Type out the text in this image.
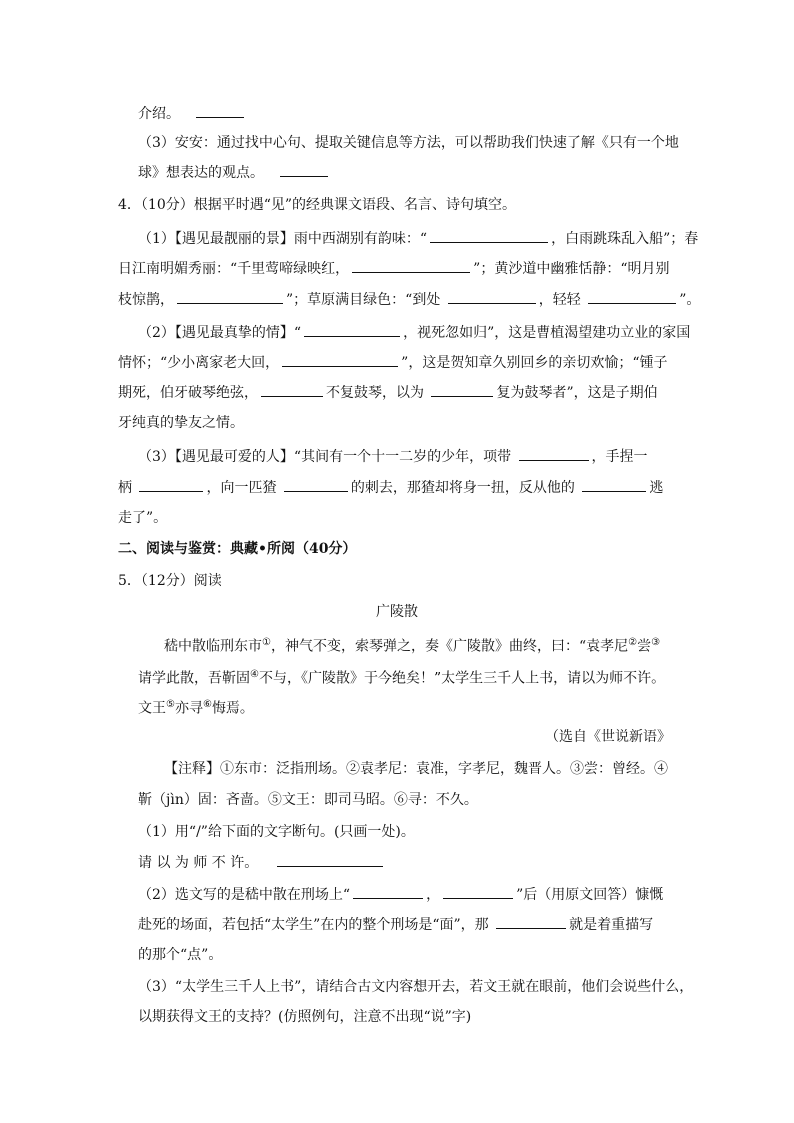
介绍。
（3）安安：通过找中心句、提取关键信息等方法，可以帮助我们快速了解《只有一个地
球》想表达的观点。
4．（10分）根据平时遇“见”的经典课文语段、名言、诗句填空。
（1）【遇见最靓丽的景】雨中西湖别有韵味：“	，白雨跳珠乱入船”；春
日江南明媚秀丽：“千里莺啼绿映红，	”；黄沙道中幽雅恬静：“明月别
枝惊鹊，	”；草原满目绿色：“到处	，轻轻	”。
（2）【遇见最真挚的情】“	，视死忽如归”，这是曹植渴望建功立业的家国
情怀；“少小离家老大回，	”，这是贺知章久别回乡的亲切欢愉；“锺子
期死，伯牙破琴绝弦，	不复鼓琴，以为	复为鼓琴者”，这是子期伯
牙纯真的挚友之情。
（3）【遇见最可爱的人】“其间有一个十一二岁的少年，项带	，手捏一
柄	，向一匹猹	的刺去，那猹却将身一扭，反从他的	逃
走了”。
二、阅读与鉴赏：典藏•所阅（40分）
5．（12分）阅读
广陵散
嵇中散临刑东市①，神气不变，索琴弹之，奏《广陵散》曲终，曰：“袁孝尼②尝③
请学此散，吾靳固④不与，《广陵散》于今绝矣！”太学生三千人上书，请以为师不许。
文王⑤亦寻⑥悔焉。
（选自《世说新语》
【注释】①东市：泛指刑场。②袁孝尼：袁准，字孝尼，魏晋人。③尝：曾经。④
靳（jìn）固：吝啬。⑤文王：即司马昭。⑥寻：不久。
（1）用“/”给下面的文字断句。(只画一处)。
请 以 为 师 不 许。
（2）选文写的是嵇中散在刑场上“	，	”后（用原文回答）慷慨
赴死的场面，若包括“太学生”在内的整个刑场是“面”，那	就是着重描写
的那个“点”。
（3）“太学生三千人上书”，请结合古文内容想开去，若文王就在眼前，他们会说些什么，
以期获得文王的支持？(仿照例句，注意不出现“说”字)
